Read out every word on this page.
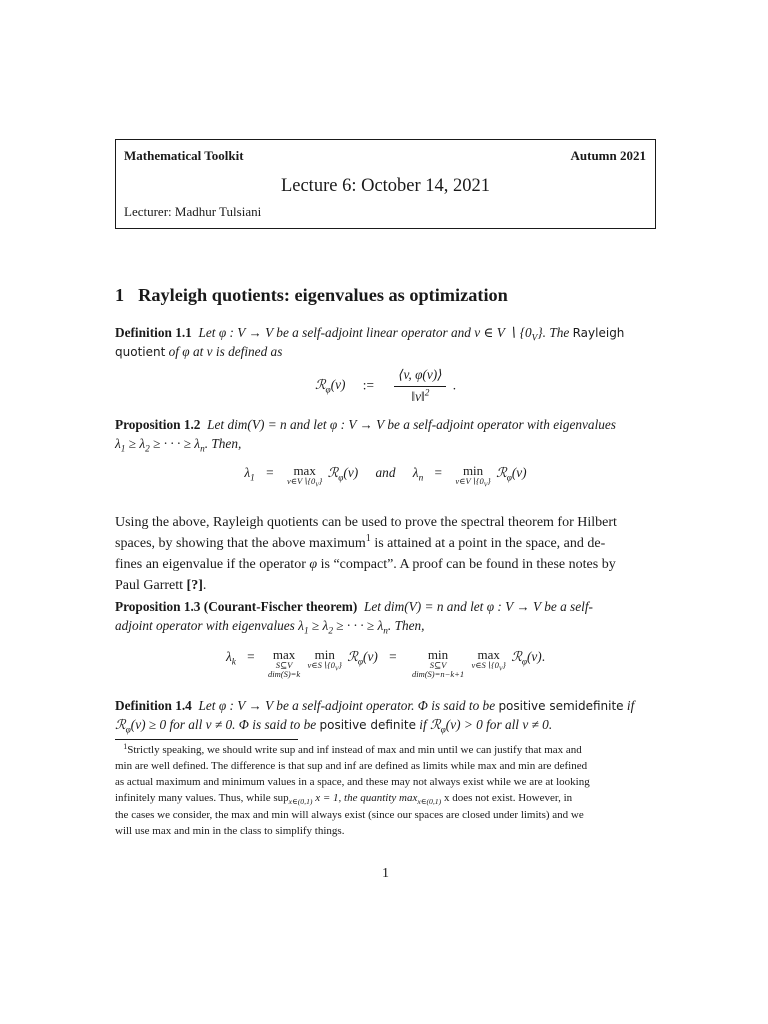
Mathematical Toolkit	Autumn 2021
Lecture 6: October 14, 2021
Lecturer: Madhur Tulsiani
1 Rayleigh quotients: eigenvalues as optimization
Definition 1.1 Let φ : V → V be a self-adjoint linear operator and v ∈ V ∖ $\{0_V\}$. The Rayleigh
quotient of φ at v is defined as
ℛ$_\varphi$(v) := $\frac{⟨v, \varphi(v)⟩}{‖v‖^2}$ .
Proposition 1.2 Let dim(V) = n and let φ : V → V be a self-adjoint operator with eigenvalues
$\lambda_1 \ge \lambda_2$ ≥ · · · ≥ $\lambda_n$. Then,
$\lambda_1 = \max$
$v\in V∖\{0_V\}$
ℛ$_\varphi$(v) and $\lambda_n = \min$
$v\in V∖\{0_V\}$
ℛ$_\varphi$(v)
Using the above, Rayleigh quotients can be used to prove the spectral theorem for Hilbert
spaces, by showing that the above maximum$^1$ is attained at a point in the space, and de-
fines an eigenvalue if the operator φ is “compact”. A proof can be found in these notes by
Paul Garrett [?].
Proposition 1.3 (Courant-Fischer theorem) Let dim(V) = n and let φ : V → V be a self-
adjoint operator with eigenvalues $\lambda_1 \ge \lambda_2$ ≥ · · · ≥ $\lambda_n$. Then,
$\lambda_k = \max$
S⊆V
dim(S)=k

min
$v\in S∖\{0_V\}$
ℛ$_\varphi$(v) = min
S⊆V
dim(S)=n−k+1

max
$v\in S∖\{0_V\}$
ℛ$_\varphi$(v).
Definition 1.4 Let φ : V → V be a self-adjoint operator. Φ is said to be positive semidefinite if
ℛ$_\varphi$(v) ≥ 0 for all v ≠ 0. Φ is said to be positive definite if ℛ$_\varphi$(v) > 0 for all v ≠ 0.
$^1$Strictly speaking, we should write sup and inf instead of max and min until we can justify that max and
min are well defined. The difference is that sup and inf are defined as limits while max and min are defined
as actual maximum and minimum values in a space, and these may not always exist while we are at looking
infinitely many values. Thus, while sup$_{x\in(0,1)}$ x = 1, the quantity $\max_{x\in(0,1)} x$ does not exist. However, in
the cases we consider, the max and min will always exist (since our spaces are closed under limits) and we
will use max and min in the class to simplify things.
1
